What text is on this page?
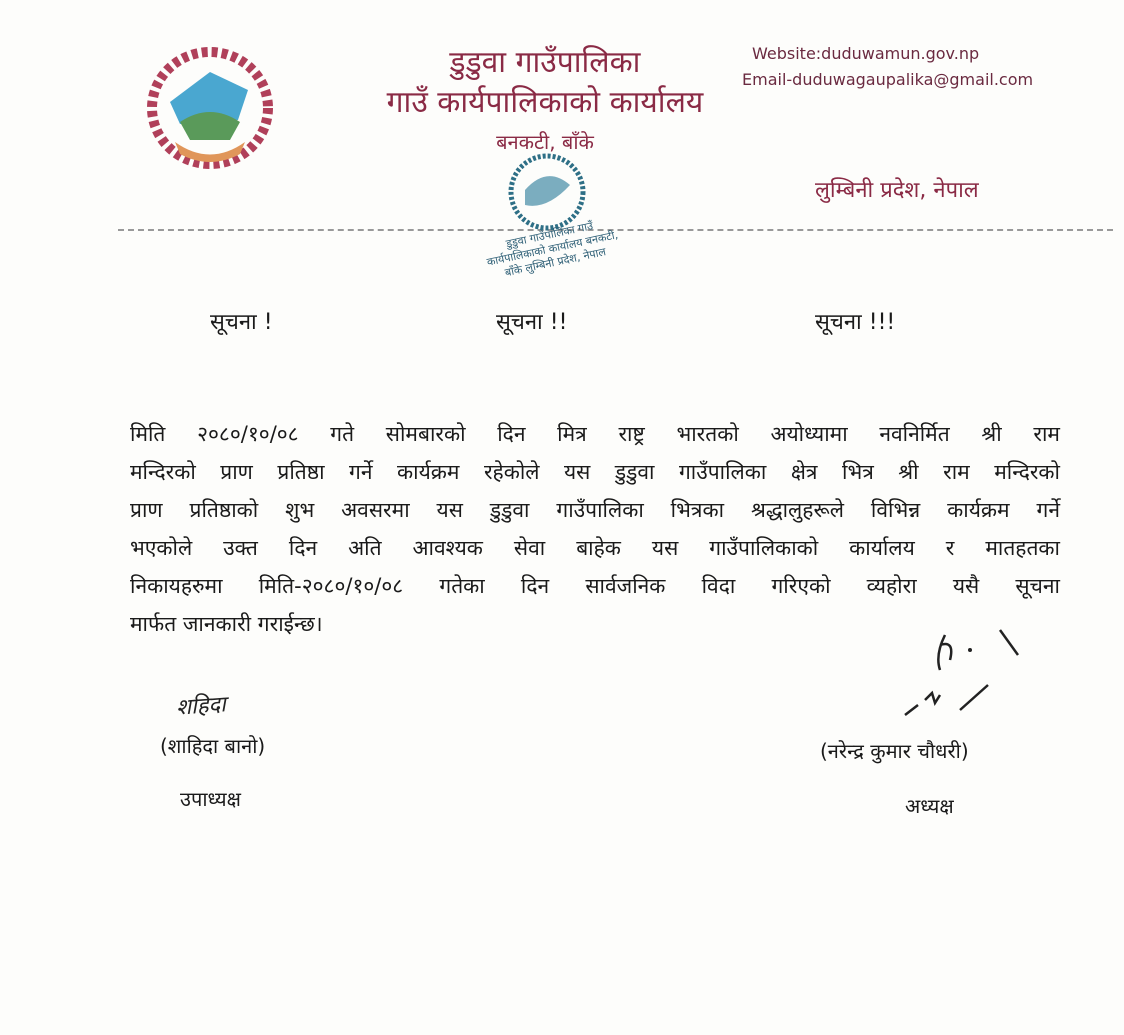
डुडुवा गाउँपालिका
गाउँ कार्यपालिकाको कार्यालय
बनकटी, बाँके
Website:duduwamun.gov.np
Email-duduwagaupalika@gmail.com
लुम्बिनी प्रदेश, नेपाल
डुडुवा गाउँपालिका गाउँ कार्यपालिकाको कार्यालय बनकटी, बाँके लुम्बिनी प्रदेश, नेपाल
सूचना !	सूचना !!	सूचना !!!
मिति २०८०/१०/०८ गते सोमबारको दिन मित्र राष्ट्र भारतको अयोध्यामा नवनिर्मित श्री राम
मन्दिरको प्राण प्रतिष्ठा गर्ने कार्यक्रम रहेकोले यस डुडुवा गाउँपालिका क्षेत्र भित्र श्री राम मन्दिरको
प्राण प्रतिष्ठाको शुभ अवसरमा यस डुडुवा गाउँपालिका भित्रका श्रद्धालुहरूले विभिन्न कार्यक्रम गर्ने
भएकोले उक्त दिन अति आवश्यक सेवा बाहेक यस गाउँपालिकाको कार्यालय र मातहतका
निकायहरुमा मिति-२०८०/१०/०८ गतेका दिन सार्वजनिक विदा गरिएको व्यहोरा यसै सूचना
मार्फत जानकारी गराईन्छ।
शहिदा
(शाहिदा बानो)
उपाध्यक्ष
(नरेन्द्र कुमार चौधरी)
अध्यक्ष
